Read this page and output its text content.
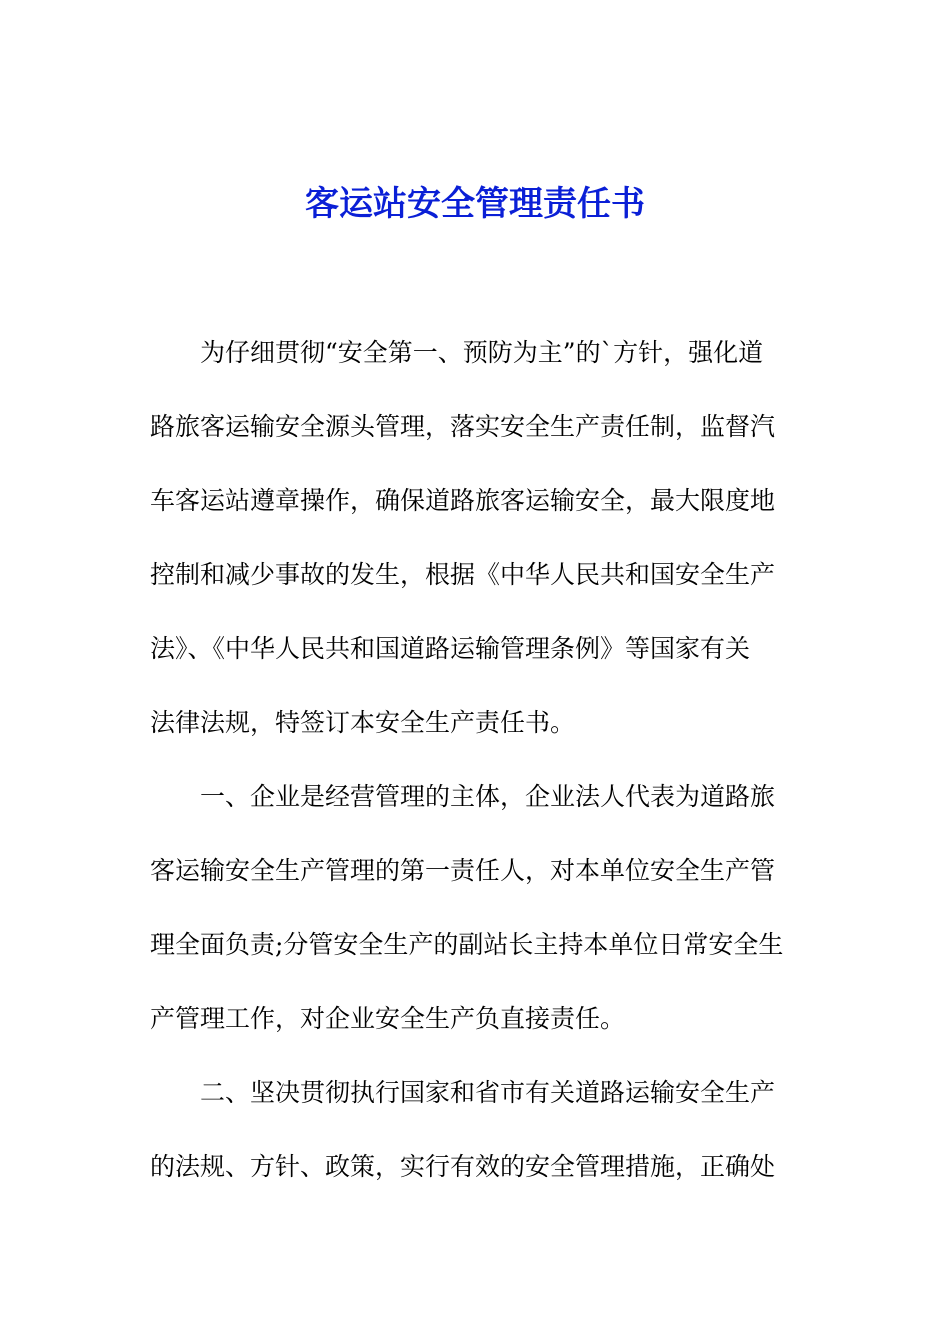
客运站安全管理责任书

为仔细贯彻“安全第一、预防为主”的`方针，强化道

路旅客运输安全源头管理，落实安全生产责任制，监督汽

车客运站遵章操作，确保道路旅客运输安全，最大限度地

控制和减少事故的发生，根据《中华人民共和国安全生产

法》、《中华人民共和国道路运输管理条例》等国家有关

法律法规，特签订本安全生产责任书。

一、企业是经营管理的主体，企业法人代表为道路旅

客运输安全生产管理的第一责任人，对本单位安全生产管

理全面负责;分管安全生产的副站长主持本单位日常安全生

产管理工作，对企业安全生产负直接责任。

二、坚决贯彻执行国家和省市有关道路运输安全生产

的法规、方针、政策，实行有效的安全管理措施，正确处
